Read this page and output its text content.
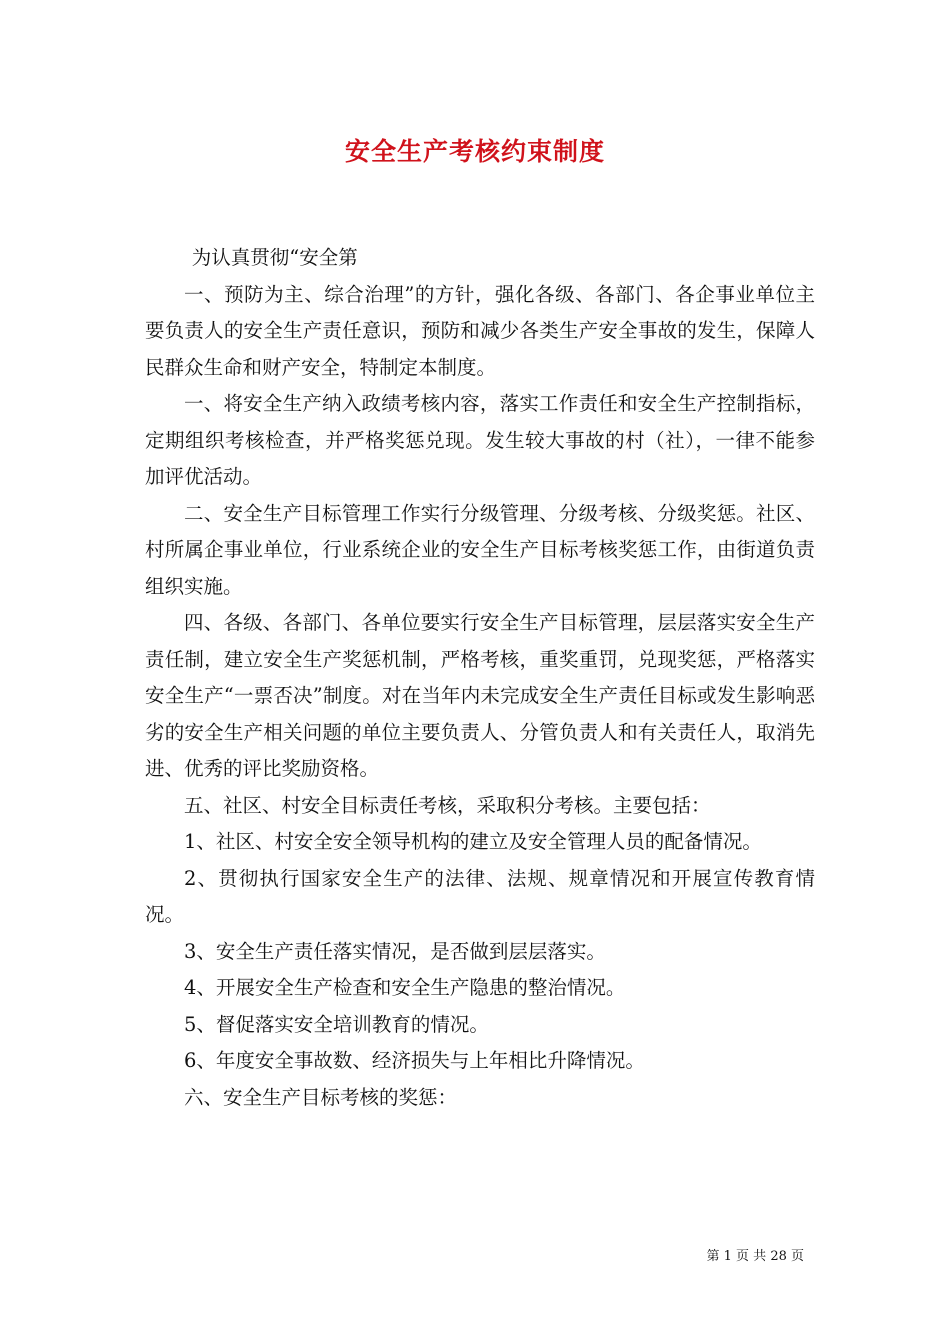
安全生产考核约束制度

为认真贯彻“安全第

一、预防为主、综合治理”的方针，强化各级、各部门、各企事业单位主要负责人的安全生产责任意识，预防和减少各类生产安全事故的发生，保障人民群众生命和财产安全，特制定本制度。

一、将安全生产纳入政绩考核内容，落实工作责任和安全生产控制指标，定期组织考核检查，并严格奖惩兑现。发生较大事故的村（社），一律不能参加评优活动。

二、安全生产目标管理工作实行分级管理、分级考核、分级奖惩。社区、村所属企事业单位，行业系统企业的安全生产目标考核奖惩工作，由街道负责组织实施。

四、各级、各部门、各单位要实行安全生产目标管理，层层落实安全生产责任制，建立安全生产奖惩机制，严格考核，重奖重罚，兑现奖惩，严格落实安全生产“一票否决”制度。对在当年内未完成安全生产责任目标或发生影响恶劣的安全生产相关问题的单位主要负责人、分管负责人和有关责任人，取消先进、优秀的评比奖励资格。

五、社区、村安全目标责任考核，采取积分考核。主要包括：

1、社区、村安全安全领导机构的建立及安全管理人员的配备情况。

2、贯彻执行国家安全生产的法律、法规、规章情况和开展宣传教育情况。

3、安全生产责任落实情况，是否做到层层落实。

4、开展安全生产检查和安全生产隐患的整治情况。

5、督促落实安全培训教育的情况。

6、年度安全事故数、经济损失与上年相比升降情况。

六、安全生产目标考核的奖惩：

第 1 页 共 28 页
